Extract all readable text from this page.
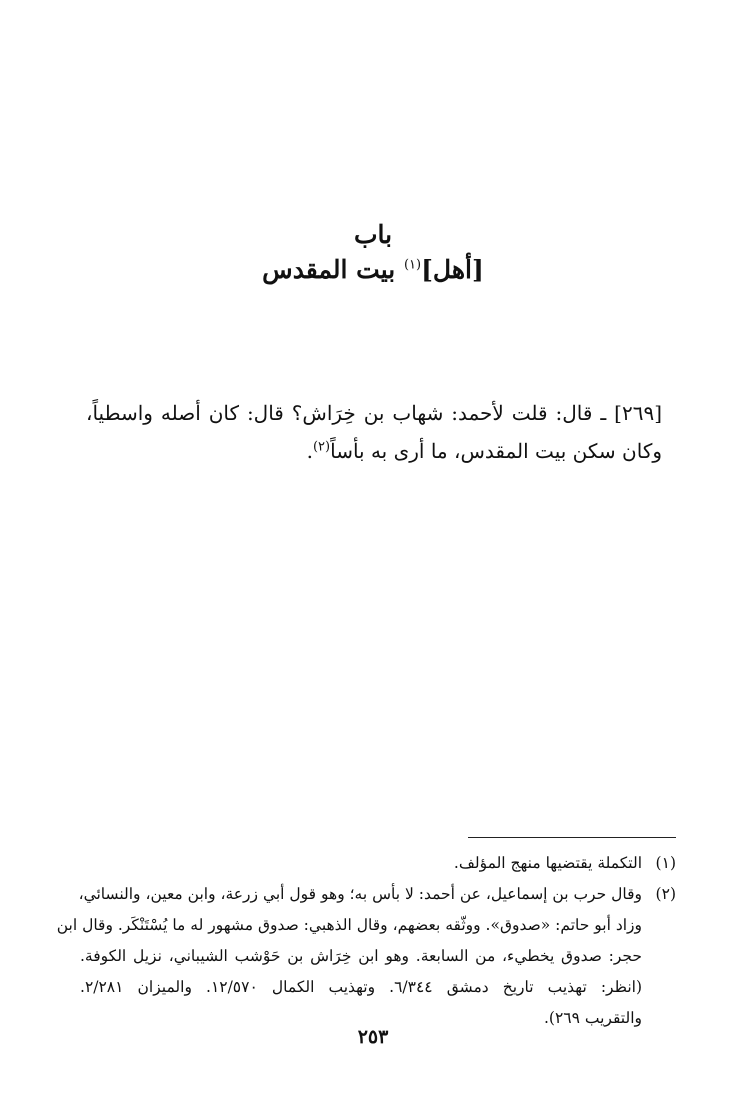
باب

[أهل]$^{(١)}$ بيت المقدس

[٢٦٩] ـ قال: قلت لأحمد: شهاب بن خِرَاش؟ قال: كان أصله واسطياً،
وكان سكن بيت المقدس، ما أرى به بأساً$^{(٢)}$.
(١)
التكملة يقتضيها منهج المؤلف.
(٢)
وقال حرب بن إسماعيل، عن أحمد: لا بأس به؛ وهو قول أبي زرعة، وابن معين، والنسائي،
وزاد أبو حاتم: «صدوق». ووثّقه بعضهم، وقال الذهبي: صدوق مشهور له ما يُسْتَنْكَر. وقال ابن
حجر: صدوق يخطيء، من السابعة. وهو ابن خِرَاش بن حَوْشب الشيباني، نزيل الكوفة.
(انظر: تهذيب تاريخ دمشق ٦/٣٤٤. وتهذيب الكمال ١٢/٥٧٠. والميزان ٢/٢٨١.
والتقريب ٢٦٩).
٢٥٣
